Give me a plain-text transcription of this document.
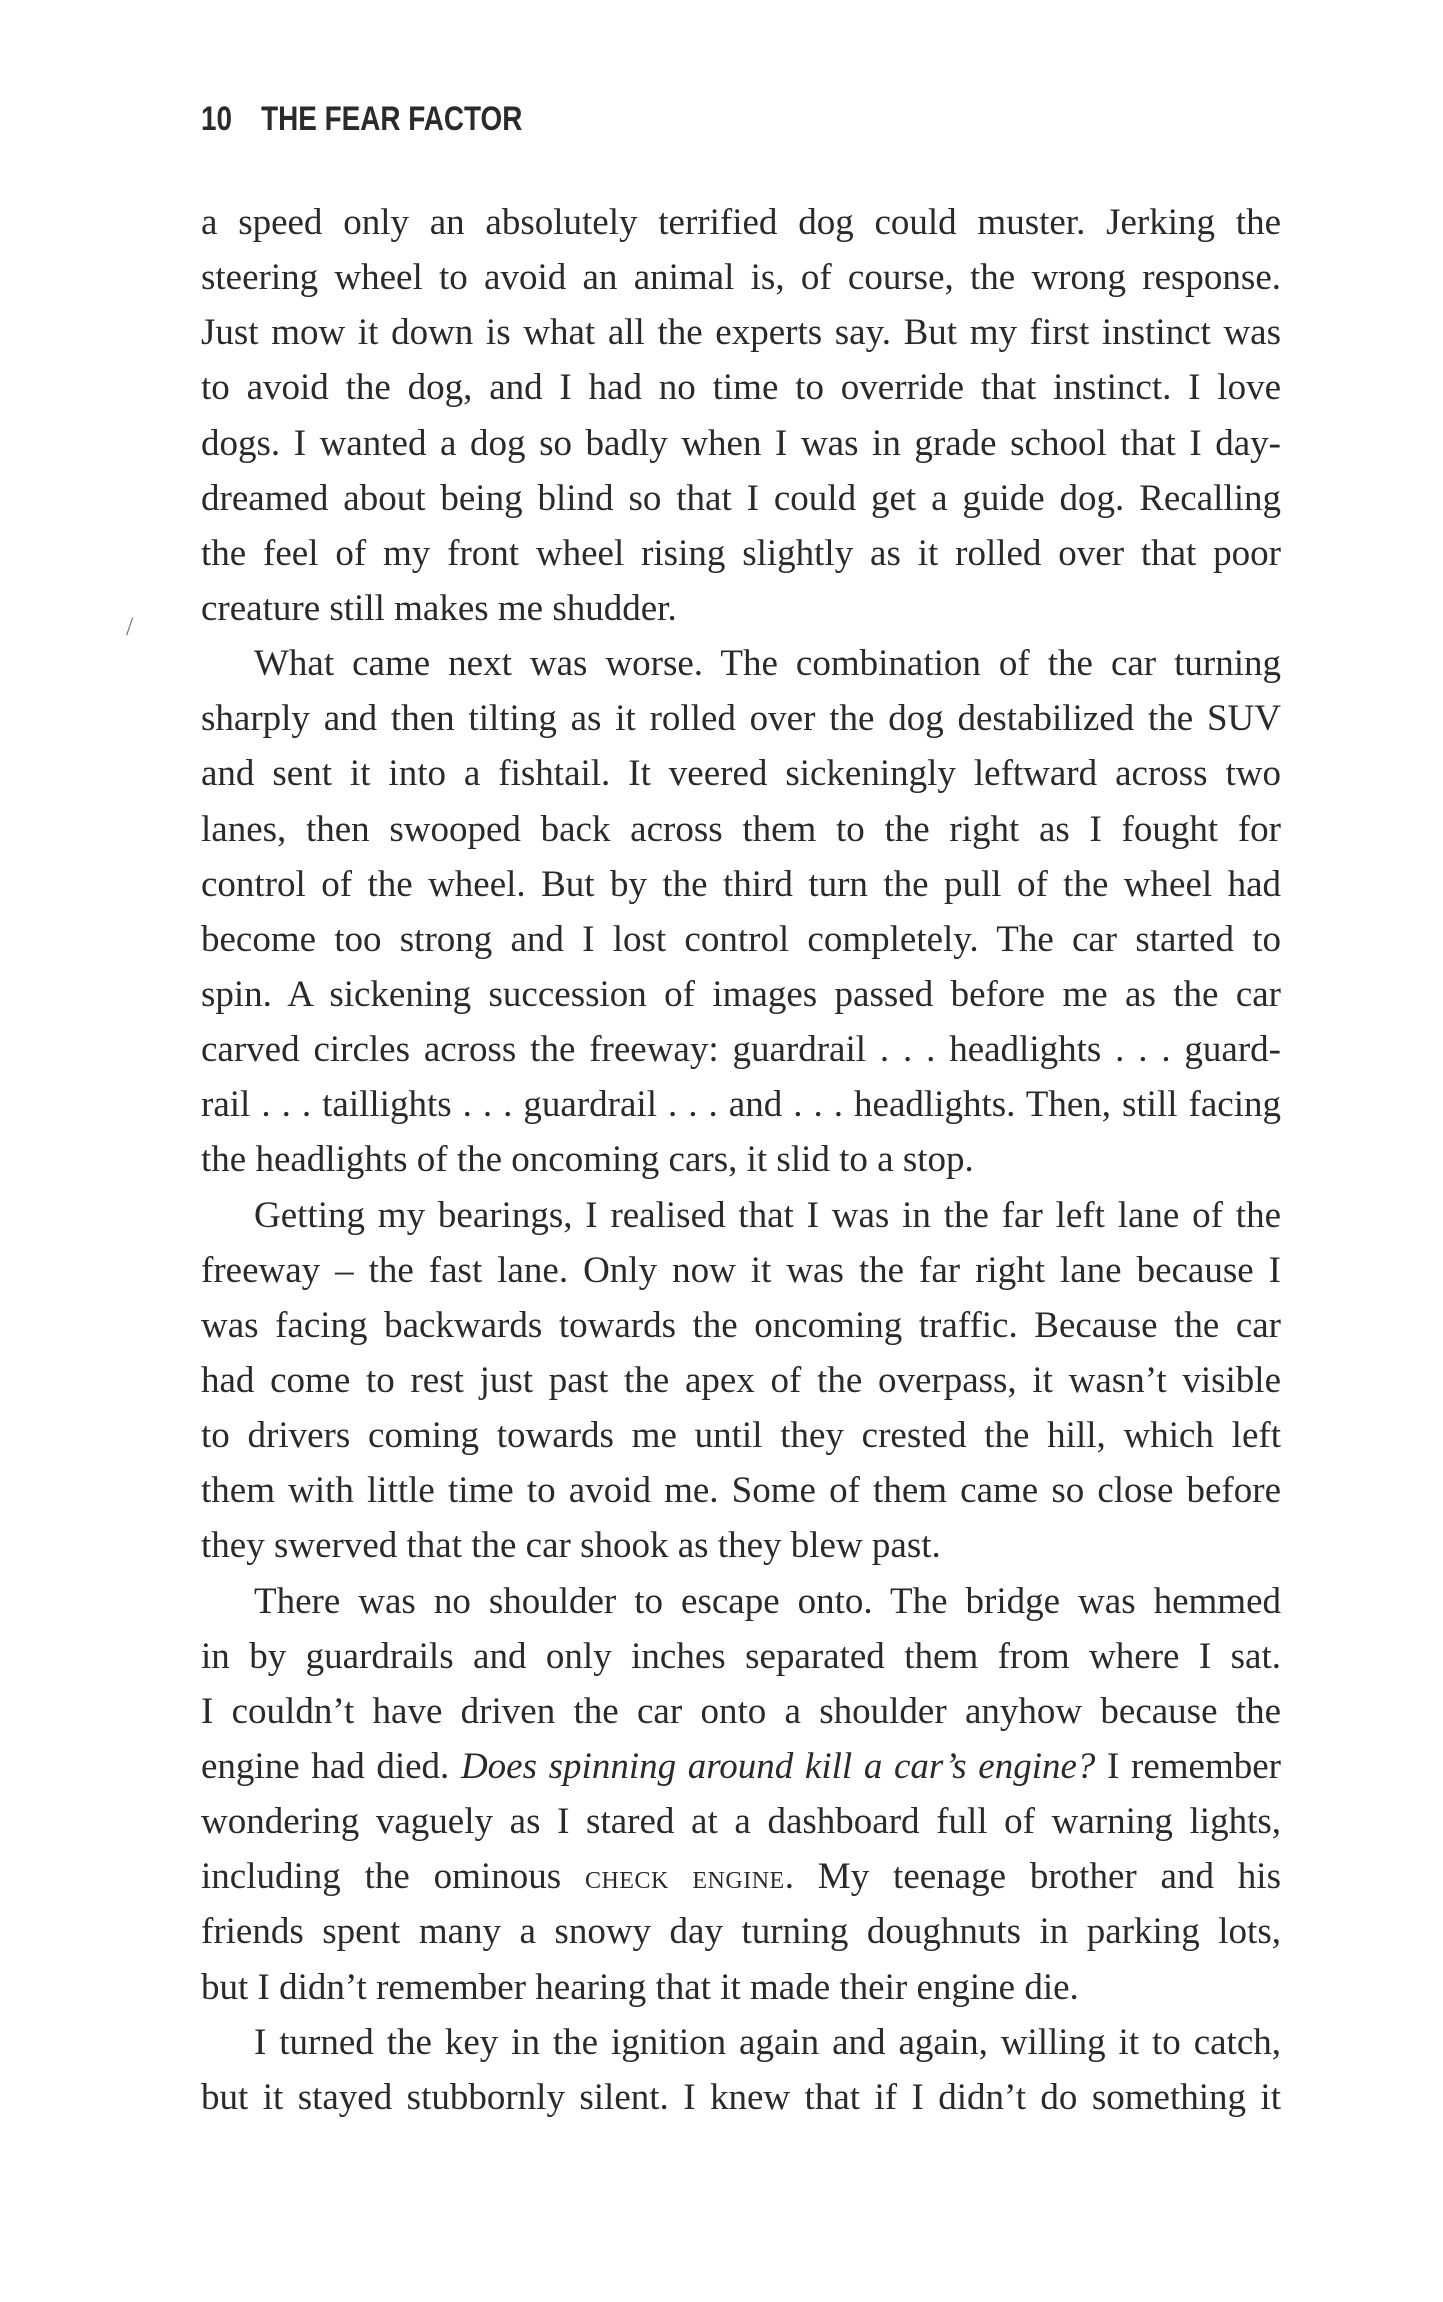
10 THE FEAR FACTOR
a speed only an absolutely terrified dog could muster. Jerking the
steering wheel to avoid an animal is, of course, the wrong response.
Just mow it down is what all the experts say. But my first instinct was
to avoid the dog, and I had no time to override that instinct. I love
dogs. I wanted a dog so badly when I was in grade school that I day-
dreamed about being blind so that I could get a guide dog. Recalling
the feel of my front wheel rising slightly as it rolled over that poor
creature still makes me shudder.
What came next was worse. The combination of the car turning
sharply and then tilting as it rolled over the dog destabilized the SUV
and sent it into a fishtail. It veered sickeningly leftward across two
lanes, then swooped back across them to the right as I fought for
control of the wheel. But by the third turn the pull of the wheel had
become too strong and I lost control completely. The car started to
spin. A sickening succession of images passed before me as the car
carved circles across the freeway: guardrail . . . headlights . . . guard-
rail . . . taillights . . . guardrail . . . and . . . headlights. Then, still facing
the headlights of the oncoming cars, it slid to a stop.
Getting my bearings, I realised that I was in the far left lane of the
freeway – the fast lane. Only now it was the far right lane because I
was facing backwards towards the oncoming traffic. Because the car
had come to rest just past the apex of the overpass, it wasn’t visible
to drivers coming towards me until they crested the hill, which left
them with little time to avoid me. Some of them came so close before
they swerved that the car shook as they blew past.
There was no shoulder to escape onto. The bridge was hemmed
in by guardrails and only inches separated them from where I sat.
I couldn’t have driven the car onto a shoulder anyhow because the
engine had died. Does spinning around kill a car’s engine? I remember
wondering vaguely as I stared at a dashboard full of warning lights,
including the ominous check engine. My teenage brother and his
friends spent many a snowy day turning doughnuts in parking lots,
but I didn’t remember hearing that it made their engine die.
I turned the key in the ignition again and again, willing it to catch,
but it stayed stubbornly silent. I knew that if I didn’t do something it
/
